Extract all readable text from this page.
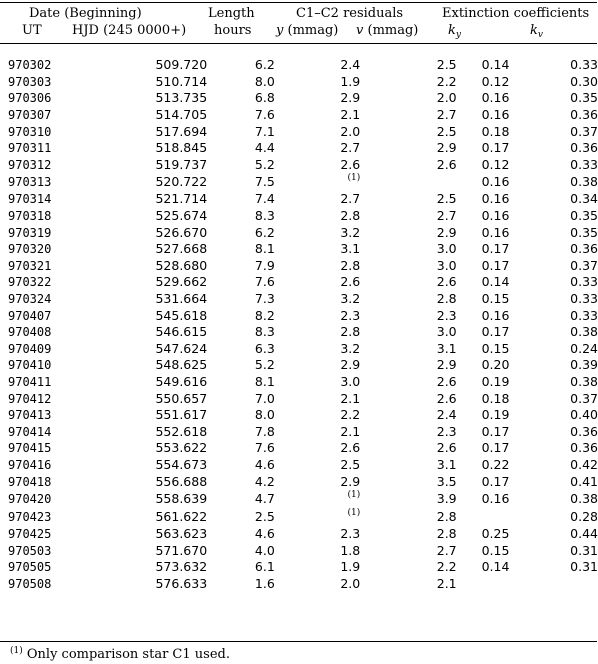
Date (Beginning)	Length	C1–C2 residuals	Extinction coefficients
UT HJD (245 0000+) hours y (mmag) v (mmag) $k_y$	$k_v$
970302	509.720	6.2	2.4	2.5	0.14	0.33
970303	510.714	8.0	1.9	2.2	0.12	0.30
970306	513.735	6.8	2.9	2.0	0.16	0.35
970307	514.705	7.6	2.1	2.7	0.16	0.36
970310	517.694	7.1	2.0	2.5	0.18	0.37
970311	518.845	4.4	2.7	2.9	0.17	0.36
970312	519.737	5.2	2.6	2.6	0.12	0.33
970313	520.722	7.5	$^{(1)}$		0.16	0.38
970314	521.714	7.4	2.7	2.5	0.16	0.34
970318	525.674	8.3	2.8	2.7	0.16	0.35
970319	526.670	6.2	3.2	2.9	0.16	0.35
970320	527.668	8.1	3.1	3.0	0.17	0.36
970321	528.680	7.9	2.8	3.0	0.17	0.37
970322	529.662	7.6	2.6	2.6	0.14	0.33
970324	531.664	7.3	3.2	2.8	0.15	0.33
970407	545.618	8.2	2.3	2.3	0.16	0.33
970408	546.615	8.3	2.8	3.0	0.17	0.38
970409	547.624	6.3	3.2	3.1	0.15	0.24
970410	548.625	5.2	2.9	2.9	0.20	0.39
970411	549.616	8.1	3.0	2.6	0.19	0.38
970412	550.657	7.0	2.1	2.6	0.18	0.37
970413	551.617	8.0	2.2	2.4	0.19	0.40
970414	552.618	7.8	2.1	2.3	0.17	0.36
970415	553.622	7.6	2.6	2.6	0.17	0.36
970416	554.673	4.6	2.5	3.1	0.22	0.42
970418	556.688	4.2	2.9	3.5	0.17	0.41
970420	558.639	4.7	$^{(1)}$	3.9	0.16	0.38
970423	561.622	2.5	$^{(1)}$	2.8		0.28
970425	563.623	4.6	2.3	2.8	0.25	0.44
970503	571.670	4.0	1.8	2.7	0.15	0.31
970505	573.632	6.1	1.9	2.2	0.14	0.31
970508	576.633	1.6	2.0	2.1		
$^{(1)}$ Only comparison star C1 used.
